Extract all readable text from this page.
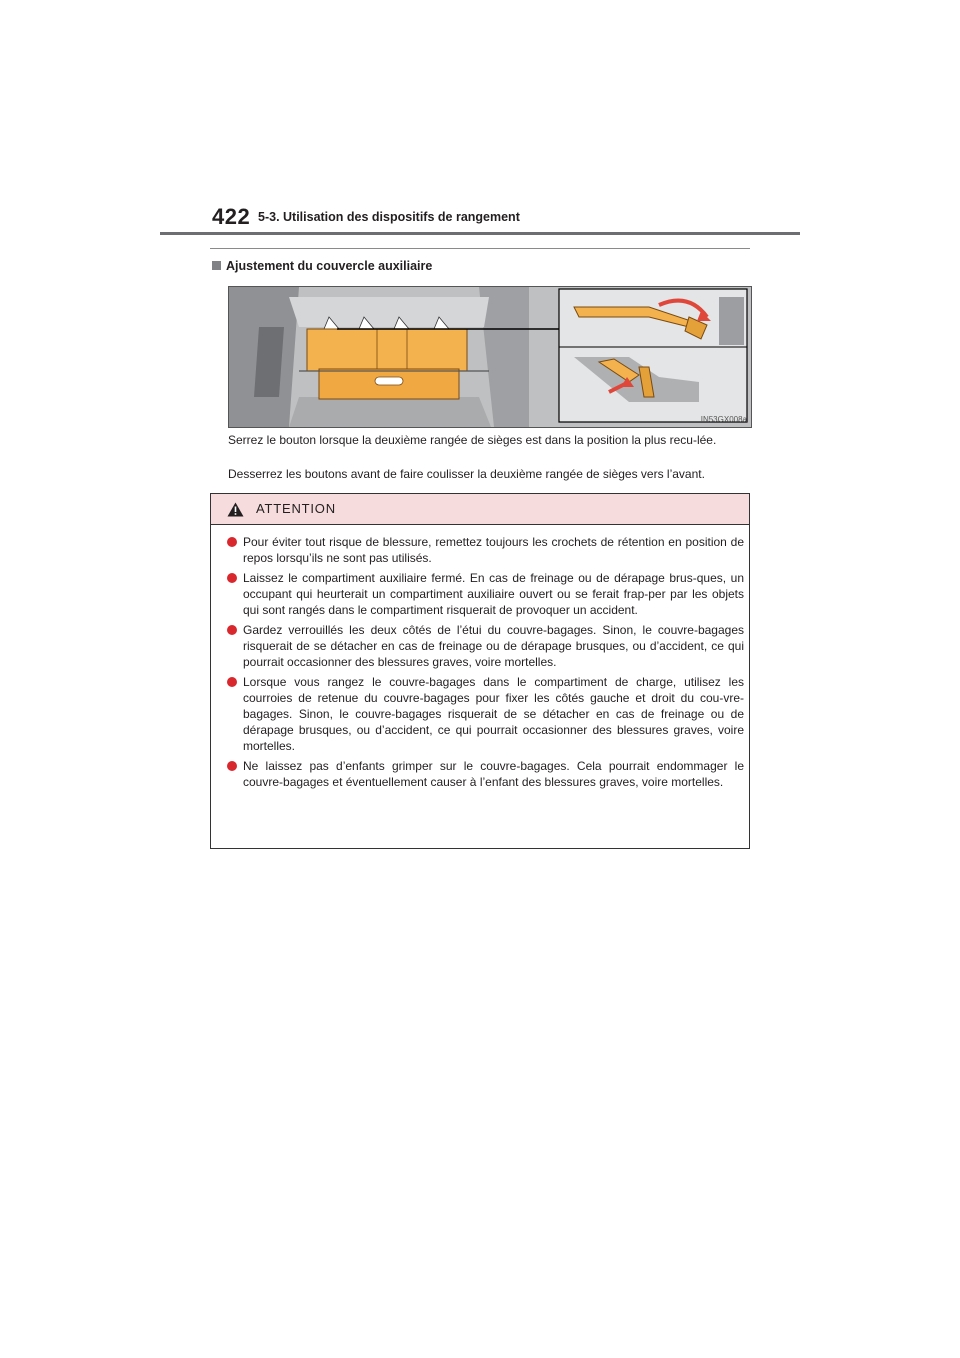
422 5-3. Utilisation des dispositifs de rangement
Ajustement du couvercle auxiliaire
IN53GX008a
Serrez le bouton lorsque la deuxième rangée de sièges est dans la position la plus recu-lée.
Desserrez les boutons avant de faire coulisser la deuxième rangée de sièges vers l’avant.
ATTENTION
Pour éviter tout risque de blessure, remettez toujours les crochets de rétention en position de repos lorsqu’ils ne sont pas utilisés.
Laissez le compartiment auxiliaire fermé. En cas de freinage ou de dérapage brus-ques, un occupant qui heurterait un compartiment auxiliaire ouvert ou se ferait frap-per par les objets qui sont rangés dans le compartiment risquerait de provoquer un accident.
Gardez verrouillés les deux côtés de l’étui du couvre-bagages. Sinon, le couvre-bagages risquerait de se détacher en cas de freinage ou de dérapage brusques, ou d’accident, ce qui pourrait occasionner des blessures graves, voire mortelles.
Lorsque vous rangez le couvre-bagages dans le compartiment de charge, utilisez les courroies de retenue du couvre-bagages pour fixer les côtés gauche et droit du cou-vre-bagages. Sinon, le couvre-bagages risquerait de se détacher en cas de freinage ou de dérapage brusques, ou d’accident, ce qui pourrait occasionner des blessures graves, voire mortelles.
Ne laissez pas d’enfants grimper sur le couvre-bagages. Cela pourrait endommager le couvre-bagages et éventuellement causer à l’enfant des blessures graves, voire mortelles.
